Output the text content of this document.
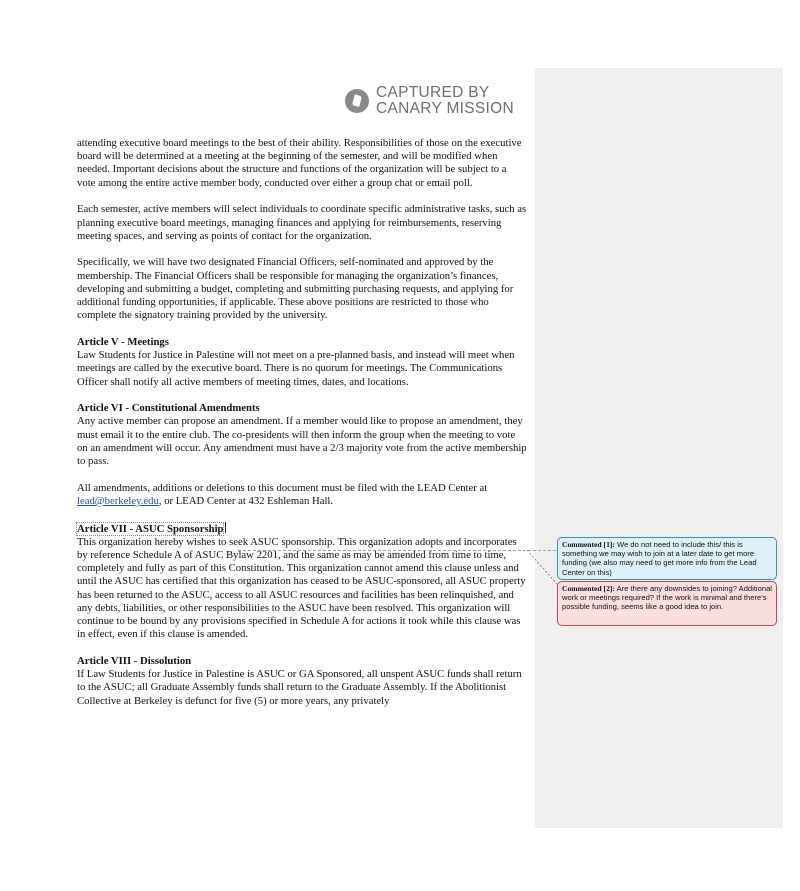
CAPTURED BY
CANARY MISSION

attending executive board meetings to the best of their ability. Responsibilities of those on the executive board will be determined at a meeting at the beginning of the semester, and will be modified when needed. Important decisions about the structure and functions of the organization will be subject to a vote among the entire active member body, conducted over either a group chat or email poll.

Each semester, active members will select individuals to coordinate specific administrative tasks, such as planning executive board meetings, managing finances and applying for reimbursements, reserving meeting spaces, and serving as points of contact for the organization.

Specifically, we will have two designated Financial Officers, self-nominated and approved by the membership. The Financial Officers shall be responsible for managing the organization’s finances, developing and submitting a budget, completing and submitting purchasing requests, and applying for additional funding opportunities, if applicable. These above positions are restricted to those who complete the signatory training provided by the university.

Article V - Meetings
Law Students for Justice in Palestine will not meet on a pre-planned basis, and instead will meet when meetings are called by the executive board. There is no quorum for meetings. The Communications Officer shall notify all active members of meeting times, dates, and locations.

Article VI - Constitutional Amendments
Any active member can propose an amendment. If a member would like to propose an amendment, they must email it to the entire club. The co-presidents will then inform the group when the meeting to vote on an amendment will occur. Any amendment must have a 2/3 majority vote from the active membership to pass.

All amendments, additions or deletions to this document must be filed with the LEAD Center at lead@berkeley.edu, or LEAD Center at 432 Eshleman Hall.

Article VII - ASUC Sponsorship
This organization hereby wishes to seek ASUC sponsorship. This organization adopts and incorporates by reference Schedule A of ASUC Bylaw 2201, and the same as may be amended from time to time, completely and fully as part of this Constitution. This organization cannot amend this clause unless and until the ASUC has certified that this organization has ceased to be ASUC-sponsored, all ASUC property has been returned to the ASUC, access to all ASUC resources and facilities has been relinquished, and any debts, liabilities, or other responsibilities to the ASUC have been resolved. This organization will continue to be bound by any provisions specified in Schedule A for actions it took while this clause was in effect, even if this clause is amended.

Article VIII - Dissolution
If Law Students for Justice in Palestine is ASUC or GA Sponsored, all unspent ASUC funds shall return to the ASUC; all Graduate Assembly funds shall return to the Graduate Assembly. If the Abolitionist Collective at Berkeley is defunct for five (5) or more years, any privately

Commented [1]: We do not need to include this/ this is something we may wish to join at a later date to get more funding (we also may need to get more info from the Lead Center on this)
Commented [2]: Are there any downsides to joining? Additional work or meetings required? If the work is minimal and there's possible funding, seems like a good idea to join.
